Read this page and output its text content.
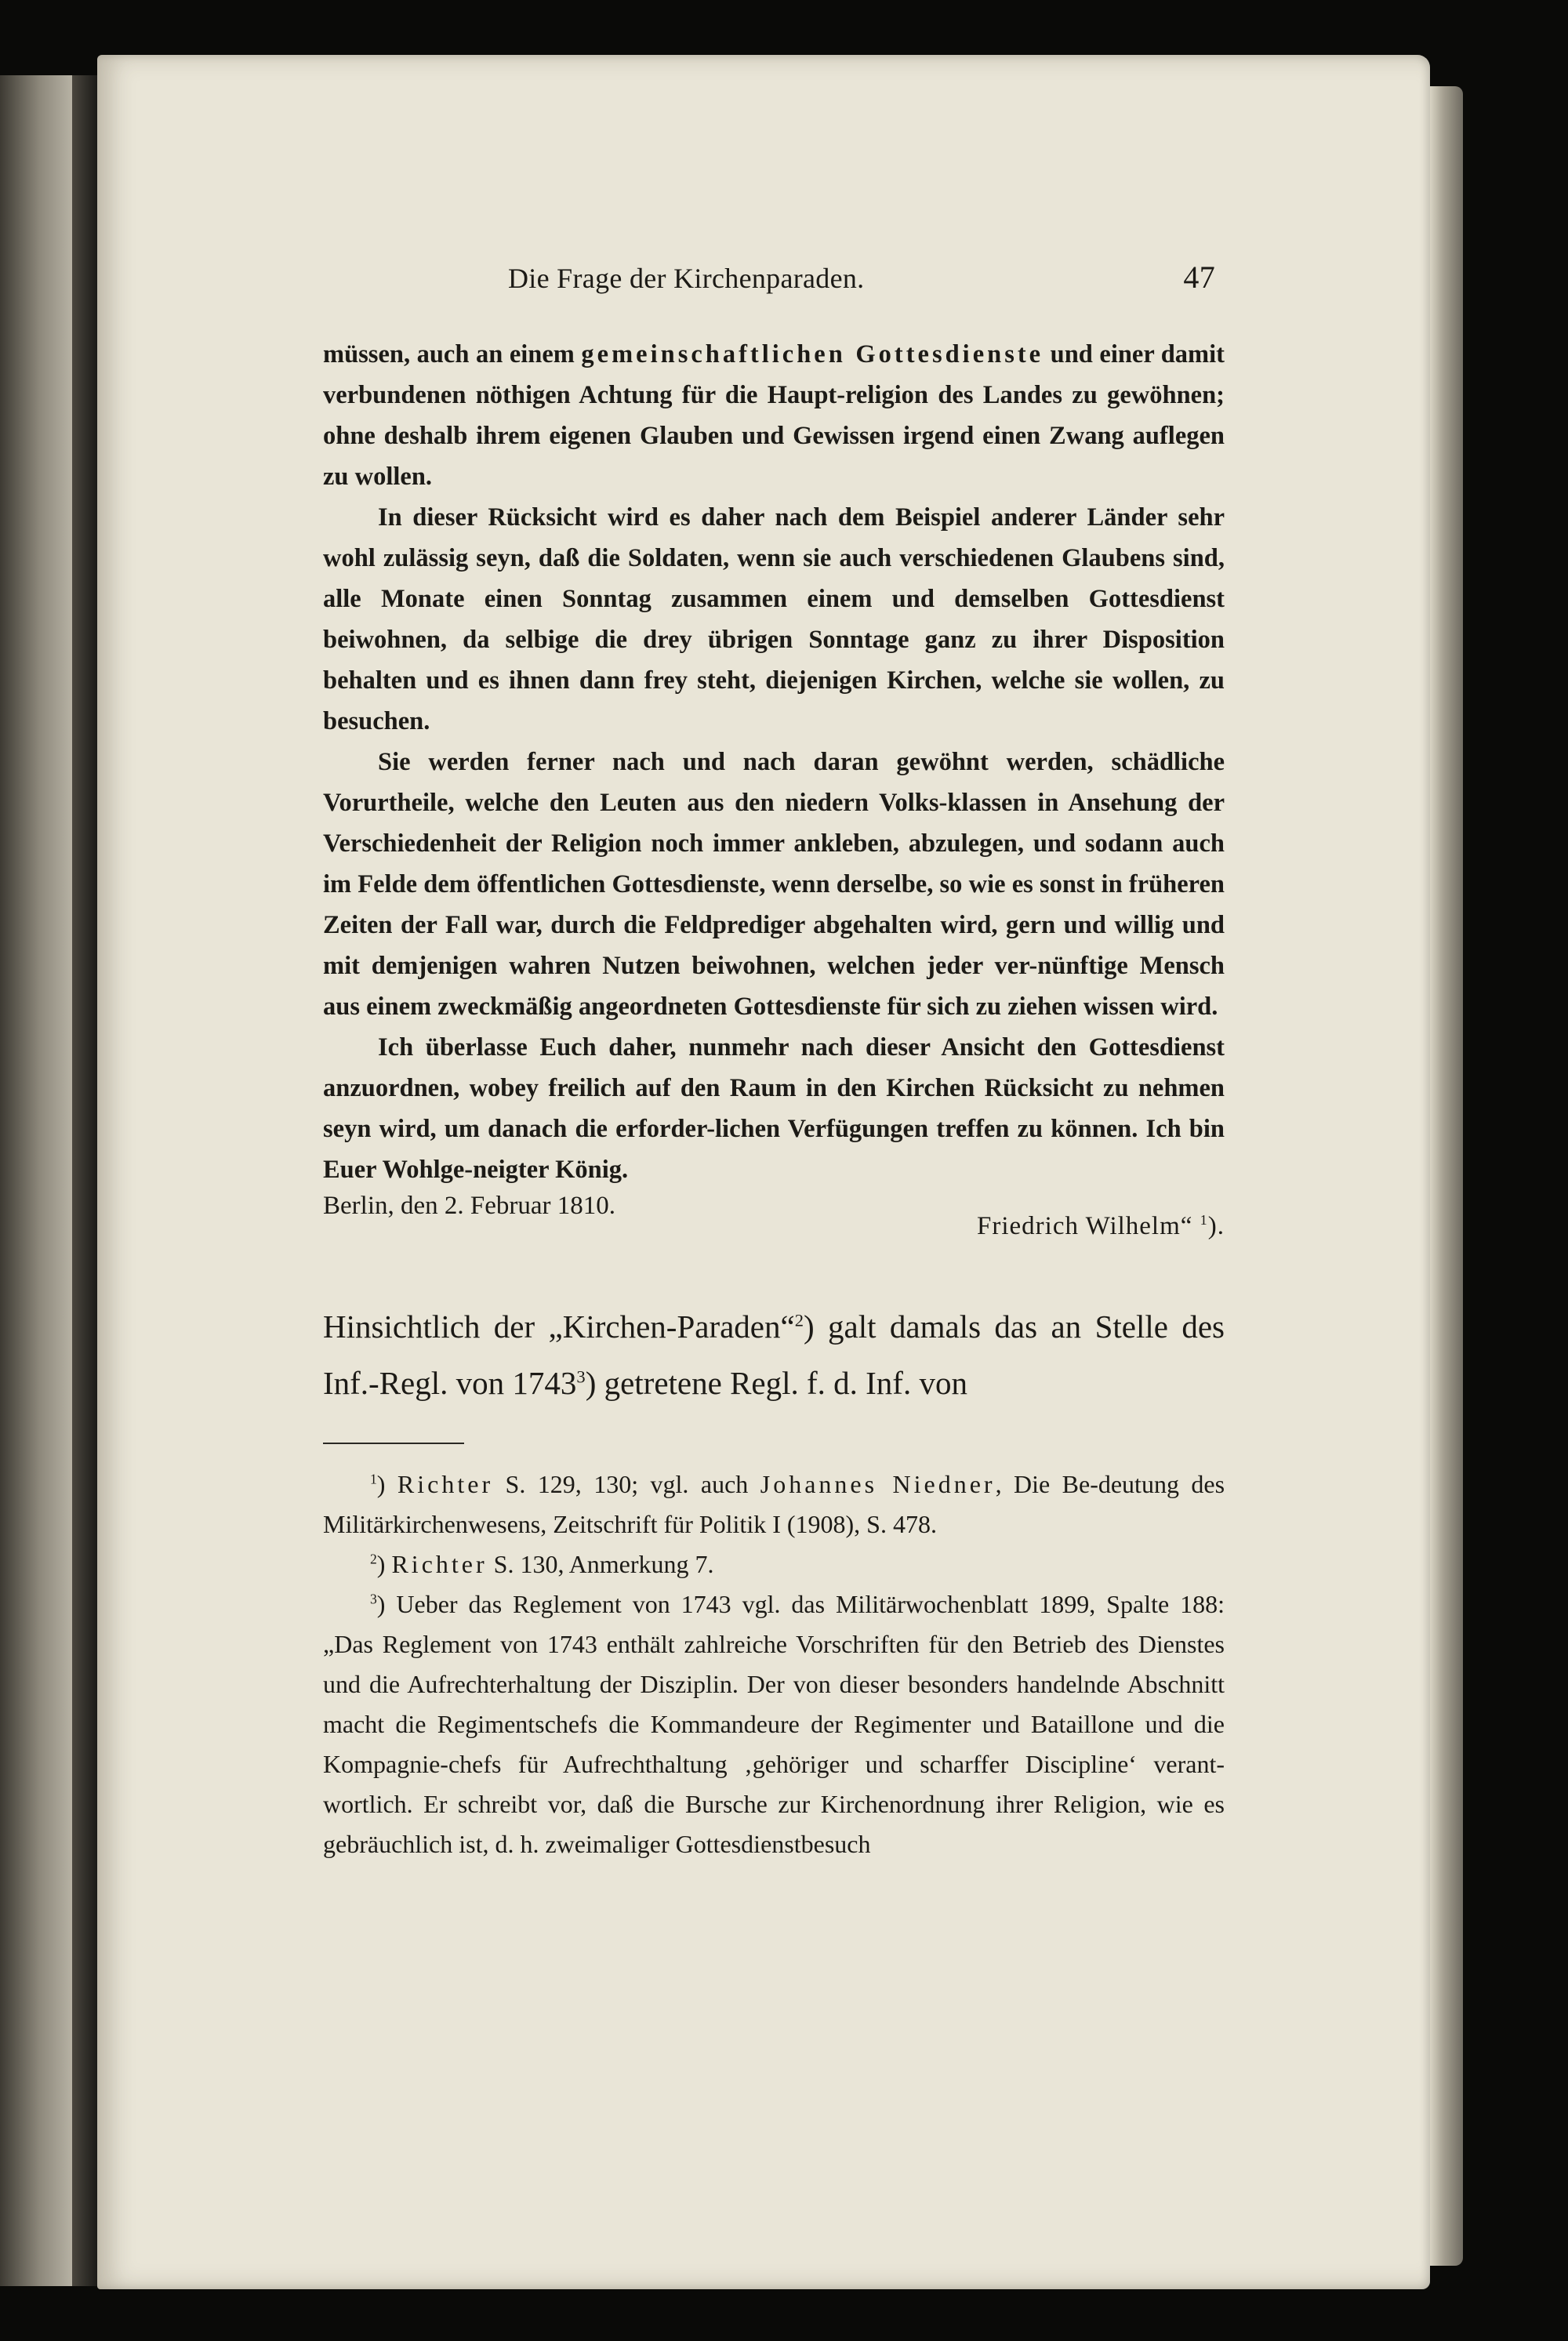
Die Frage der Kirchenparaden.	47

müssen, auch an einem gemeinschaftlichen Gottesdienste und einer damit verbundenen nöthigen Achtung für die Haupt-religion des Landes zu gewöhnen; ohne deshalb ihrem eigenen Glauben und Gewissen irgend einen Zwang auflegen zu wollen.

In dieser Rücksicht wird es daher nach dem Beispiel anderer Länder sehr wohl zulässig seyn, daß die Soldaten, wenn sie auch verschiedenen Glaubens sind, alle Monate einen Sonntag zusammen einem und demselben Gottesdienst beiwohnen, da selbige die drey übrigen Sonntage ganz zu ihrer Disposition behalten und es ihnen dann frey steht, diejenigen Kirchen, welche sie wollen, zu besuchen.

Sie werden ferner nach und nach daran gewöhnt werden, schädliche Vorurtheile, welche den Leuten aus den niedern Volks-klassen in Ansehung der Verschiedenheit der Religion noch immer ankleben, abzulegen, und sodann auch im Felde dem öffentlichen Gottesdienste, wenn derselbe, so wie es sonst in früheren Zeiten der Fall war, durch die Feldprediger abgehalten wird, gern und willig und mit demjenigen wahren Nutzen beiwohnen, welchen jeder ver-nünftige Mensch aus einem zweckmäßig angeordneten Gottesdienste für sich zu ziehen wissen wird.

Ich überlasse Euch daher, nunmehr nach dieser Ansicht den Gottesdienst anzuordnen, wobey freilich auf den Raum in den Kirchen Rücksicht zu nehmen seyn wird, um danach die erforder-lichen Verfügungen treffen zu können. Ich bin Euer Wohlge-neigter König.

Berlin, den 2. Februar 1810.
Friedrich Wilhelm“ $^1$).
Hinsichtlich der „Kirchen-Paraden“$^2$) galt damals das an Stelle des Inf.-Regl. von 1743$^3$) getretene Regl. f. d. Inf. von

$^1$) Richter S. 129, 130; vgl. auch Johannes Niedner, Die Be-deutung des Militärkirchenwesens, Zeitschrift für Politik I (1908), S. 478.

$^2$) Richter S. 130, Anmerkung 7.

$^3$) Ueber das Reglement von 1743 vgl. das Militärwochenblatt 1899, Spalte 188: „Das Reglement von 1743 enthält zahlreiche Vorschriften für den Betrieb des Dienstes und die Aufrechterhaltung der Disziplin. Der von dieser besonders handelnde Abschnitt macht die Regimentschefs die Kommandeure der Regimenter und Bataillone und die Kompagnie-chefs für Aufrechthaltung ‚gehöriger und scharffer Discipline‘ verant-wortlich. Er schreibt vor, daß die Bursche zur Kirchenordnung ihrer Religion, wie es gebräuchlich ist, d. h. zweimaliger Gottesdienstbesuch
